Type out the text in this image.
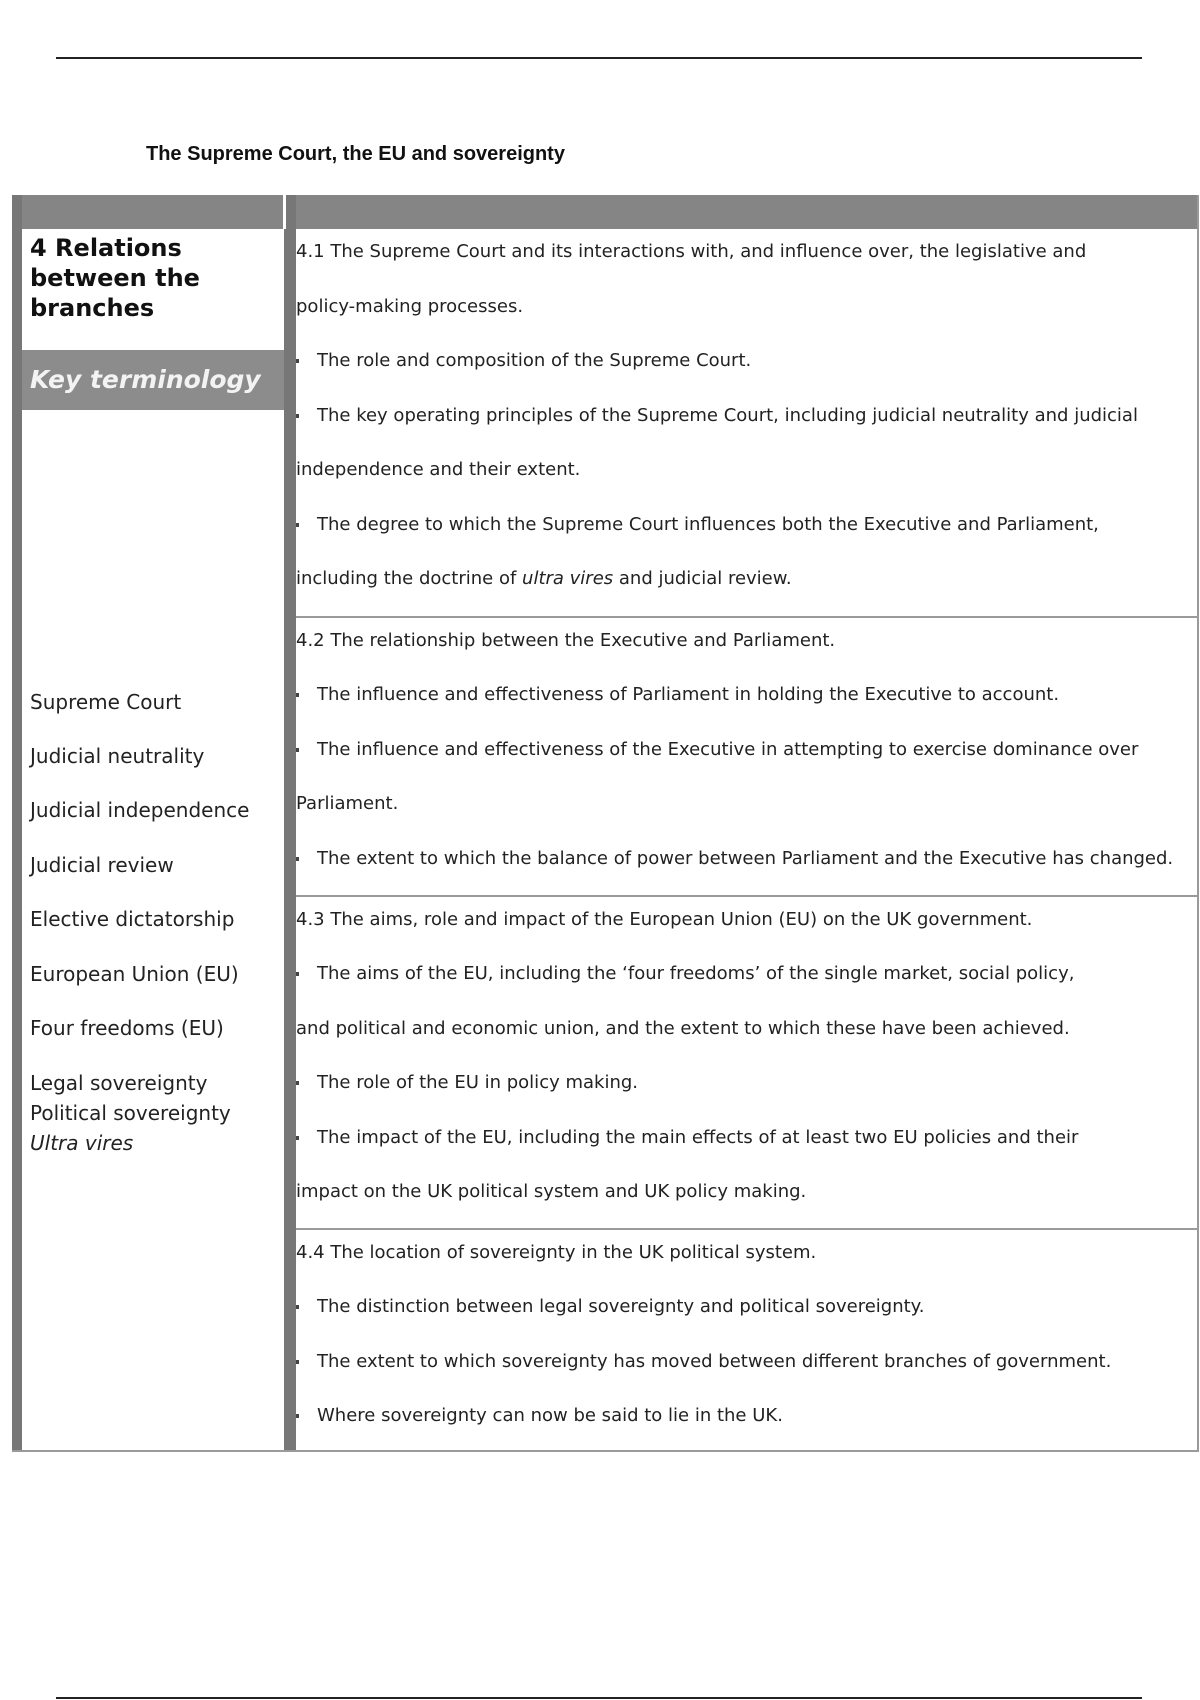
The Supreme Court, the EU and sovereignty
4 Relations between the branches
Key terminology
Supreme Court
Judicial neutrality
Judicial independence
Judicial review
Elective dictatorship
European Union (EU)
Four freedoms (EU)
Legal sovereignty
Political sovereignty
Ultra vires
4.1 The Supreme Court and its interactions with, and influence over, the legislative and
policy-making processes.
The role and composition of the Supreme Court.
The key operating principles of the Supreme Court, including judicial neutrality and judicial
independence and their extent.
The degree to which the Supreme Court influences both the Executive and Parliament,
including the doctrine of ultra vires and judicial review.
4.2 The relationship between the Executive and Parliament.
The influence and effectiveness of Parliament in holding the Executive to account.
The influence and effectiveness of the Executive in attempting to exercise dominance over
Parliament.
The extent to which the balance of power between Parliament and the Executive has changed.
4.3 The aims, role and impact of the European Union (EU) on the UK government.
The aims of the EU, including the ‘four freedoms’ of the single market, social policy,
and political and economic union, and the extent to which these have been achieved.
The role of the EU in policy making.
The impact of the EU, including the main effects of at least two EU policies and their
impact on the UK political system and UK policy making.
4.4 The location of sovereignty in the UK political system.
The distinction between legal sovereignty and political sovereignty.
The extent to which sovereignty has moved between different branches of government.
Where sovereignty can now be said to lie in the UK.
